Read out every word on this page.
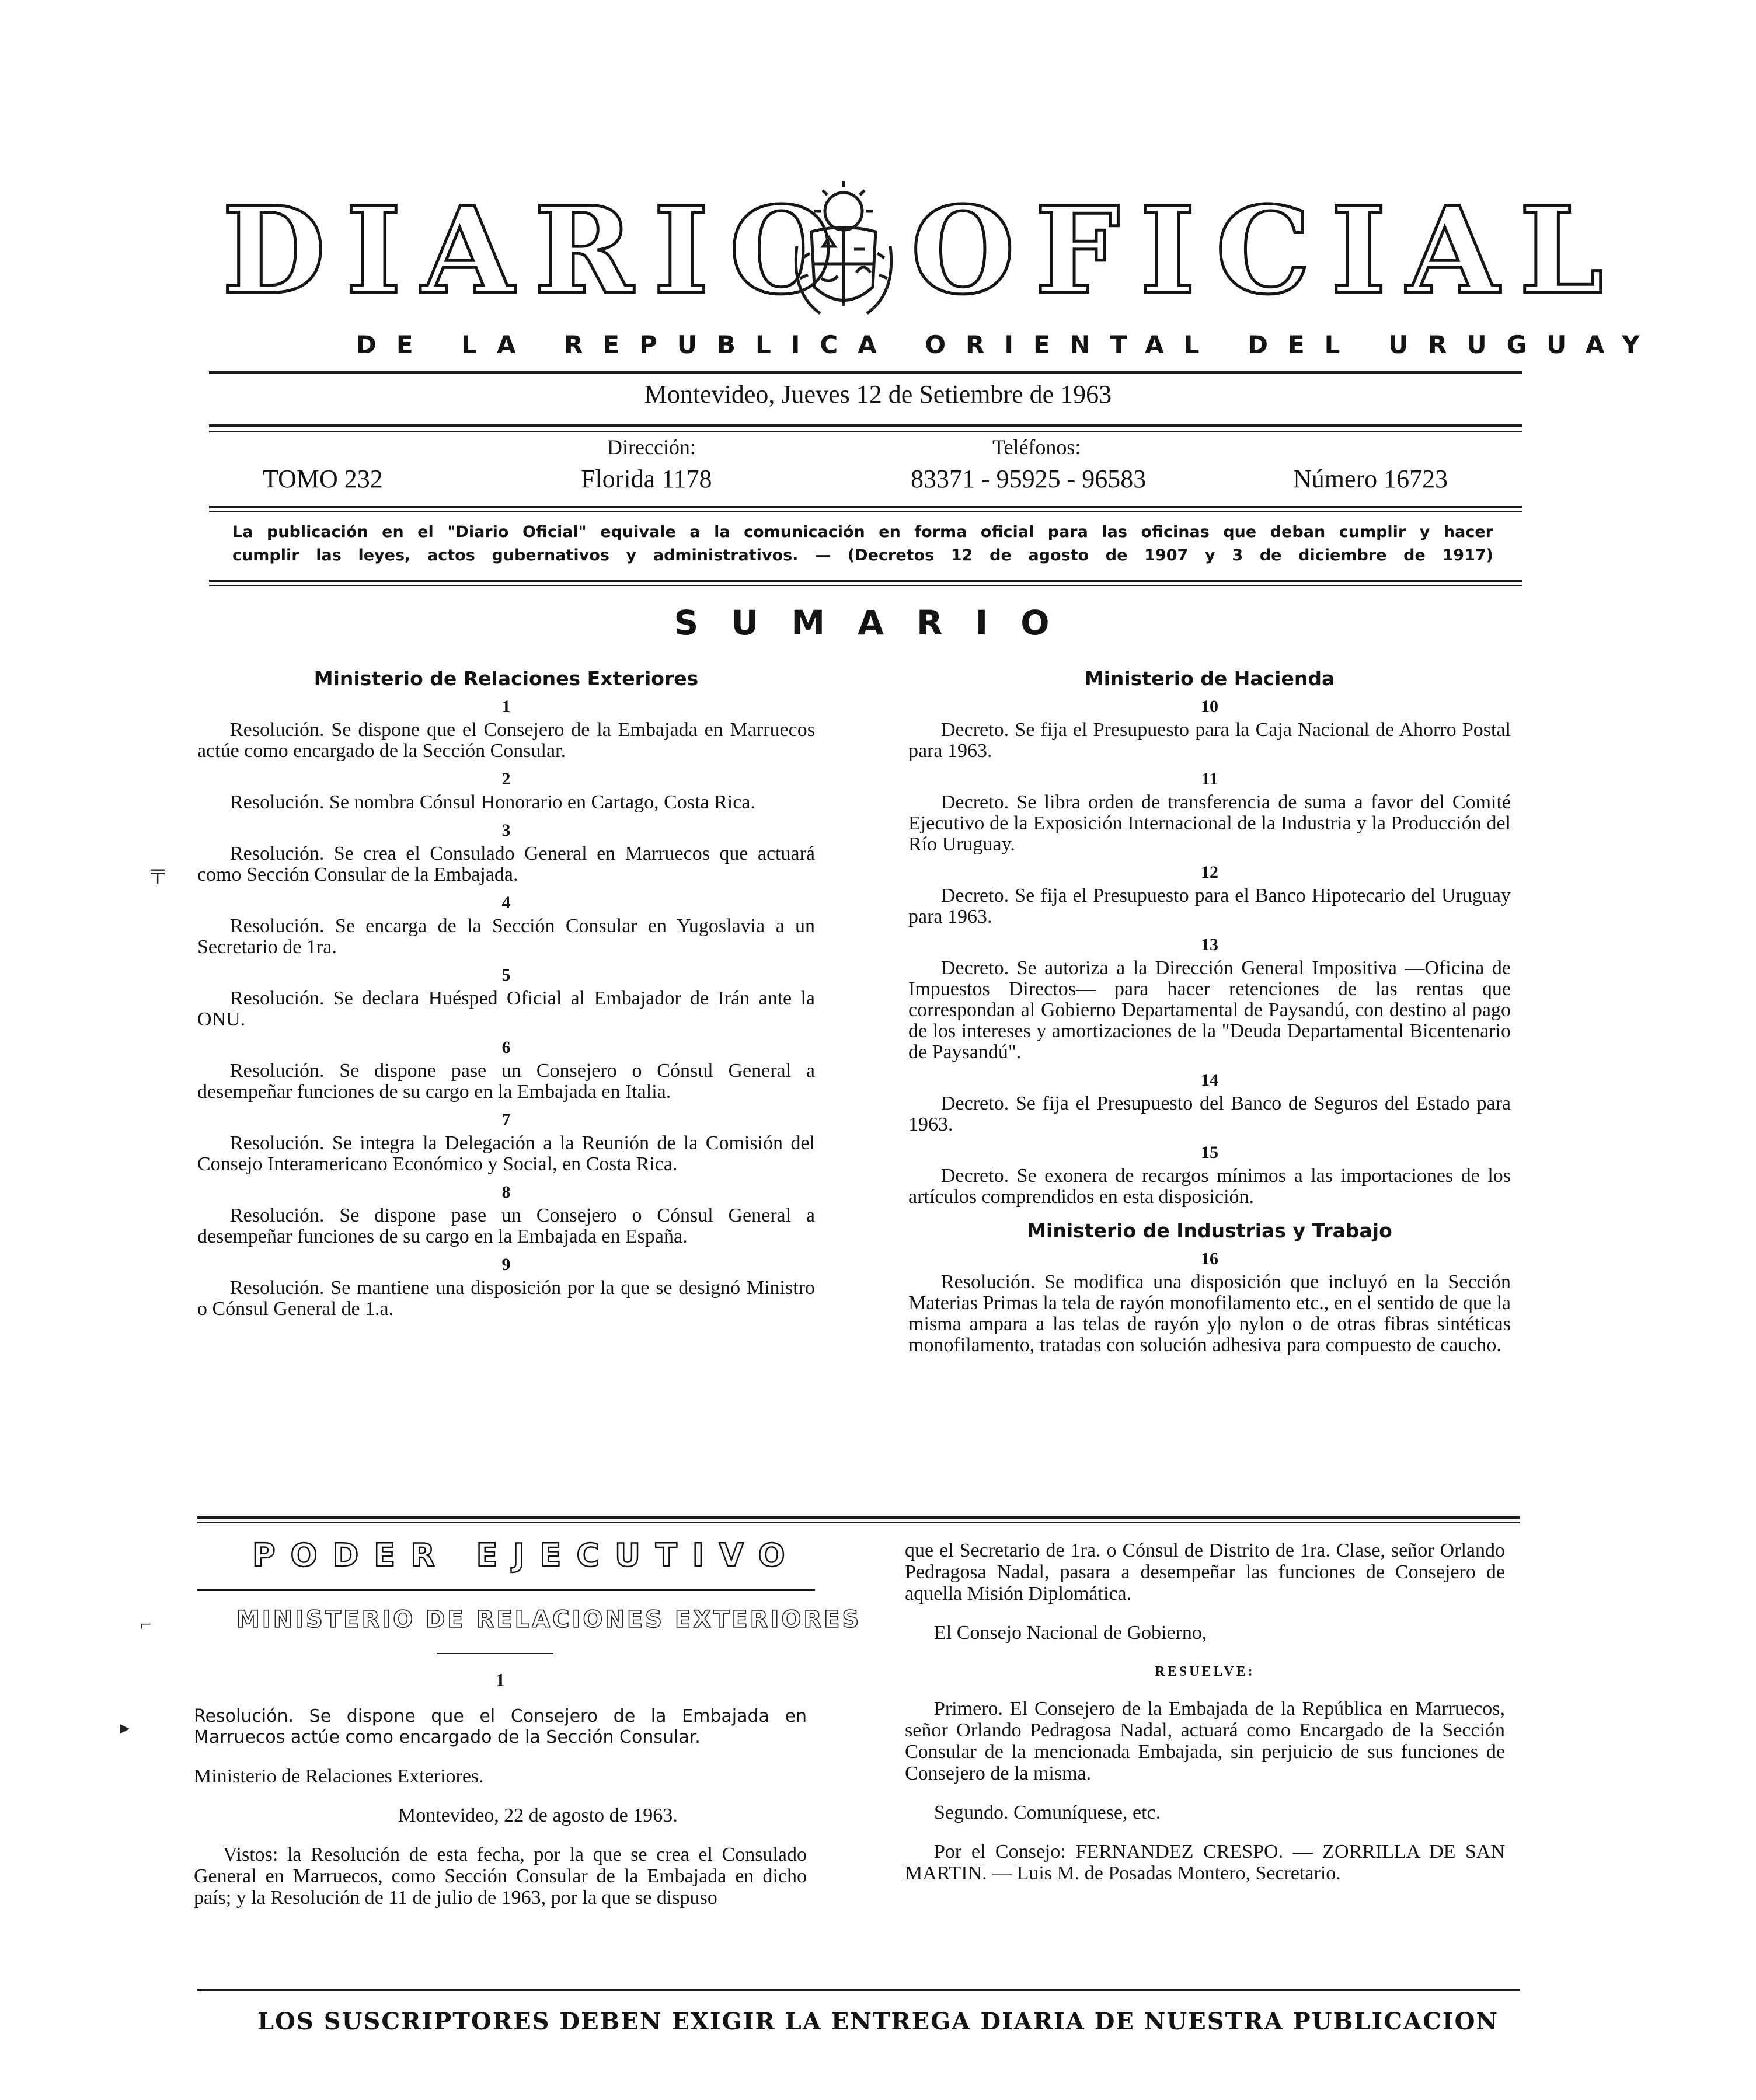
DIARIO OFICIAL
DE LA REPUBLICA ORIENTAL DEL URUGUAY
Montevideo, Jueves 12 de Setiembre de 1963
TOMO 232
Dirección:
Florida 1178
Teléfonos:
83371 - 95925 - 96583	Número 16723
La publicación en el "Diario Oficial" equivale a la comunicación en forma oficial para las oficinas que deban cumplir y hacer
cumplir las leyes, actos gubernativos y administrativos. — (Decretos 12 de agosto de 1907 y 3 de diciembre de 1917)
SUMARIO
Ministerio de Relaciones Exteriores
1

Resolución. Se dispone que el Consejero de la Embajada en Marruecos actúe como encargado de la Sección Consular.

2

Resolución. Se nombra Cónsul Honorario en Cartago, Costa Rica.

3

Resolución. Se crea el Consulado General en Marruecos que actuará como Sección Consular de la Embajada.

4

Resolución. Se encarga de la Sección Consular en Yugoslavia a un Secretario de 1ra.

5

Resolución. Se declara Huésped Oficial al Embajador de Irán ante la ONU.

6

Resolución. Se dispone pase un Consejero o Cónsul General a desempeñar funciones de su cargo en la Embajada en Italia.

7

Resolución. Se integra la Delegación a la Reunión de la Comisión del Consejo Interamericano Económico y Social, en Costa Rica.

8

Resolución. Se dispone pase un Consejero o Cónsul General a desempeñar funciones de su cargo en la Embajada en España.

9

Resolución. Se mantiene una disposición por la que se designó Ministro o Cónsul General de 1.a.

Ministerio de Hacienda
10

Decreto. Se fija el Presupuesto para la Caja Nacional de Ahorro Postal para 1963.

11

Decreto. Se libra orden de transferencia de suma a favor del Comité Ejecutivo de la Exposición Internacional de la Industria y la Producción del Río Uruguay.

12

Decreto. Se fija el Presupuesto para el Banco Hipotecario del Uruguay para 1963.

13

Decreto. Se autoriza a la Dirección General Impositiva —Oficina de Impuestos Directos— para hacer retenciones de las rentas que correspondan al Gobierno Departamental de Paysandú, con destino al pago de los intereses y amortizaciones de la "Deuda Departamental Bicentenario de Paysandú".

14

Decreto. Se fija el Presupuesto del Banco de Seguros del Estado para 1963.

15

Decreto. Se exonera de recargos mínimos a las importaciones de los artículos comprendidos en esta disposición.

Ministerio de Industrias y Trabajo
16

Resolución. Se modifica una disposición que incluyó en la Sección Materias Primas la tela de rayón monofilamento etc., en el sentido de que la misma ampara a las telas de rayón y|o nylon o de otras fibras sintéticas monofilamento, tratadas con solución adhesiva para compuesto de caucho.

PODER EJECUTIVO
MINISTERIO DE RELACIONES EXTERIORES
1

Resolución. Se dispone que el Consejero de la Embajada en Marruecos actúe como encargado de la Sección Consular.

Ministerio de Relaciones Exteriores.

Montevideo, 22 de agosto de 1963.

Vistos: la Resolución de esta fecha, por la que se crea el Consulado General en Marruecos, como Sección Consular de la Embajada en dicho país; y la Resolución de 11 de julio de 1963, por la que se dispuso

que el Secretario de 1ra. o Cónsul de Distrito de 1ra. Clase, señor Orlando Pedragosa Nadal, pasara a desempeñar las funciones de Consejero de aquella Misión Diplomática.

El Consejo Nacional de Gobierno,

RESUELVE:

Primero. El Consejero de la Embajada de la República en Marruecos, señor Orlando Pedragosa Nadal, actuará como Encargado de la Sección Consular de la mencionada Embajada, sin perjuicio de sus funciones de Consejero de la misma.

Segundo. Comuníquese, etc.

Por el Consejo: FERNANDEZ CRESPO. — ZORRILLA DE SAN MARTIN. — Luis M. de Posadas Montero, Secretario.

LOS SUSCRIPTORES DEBEN EXIGIR LA ENTREGA DIARIA DE NUESTRA PUBLICACION
╤
⌐
▸
